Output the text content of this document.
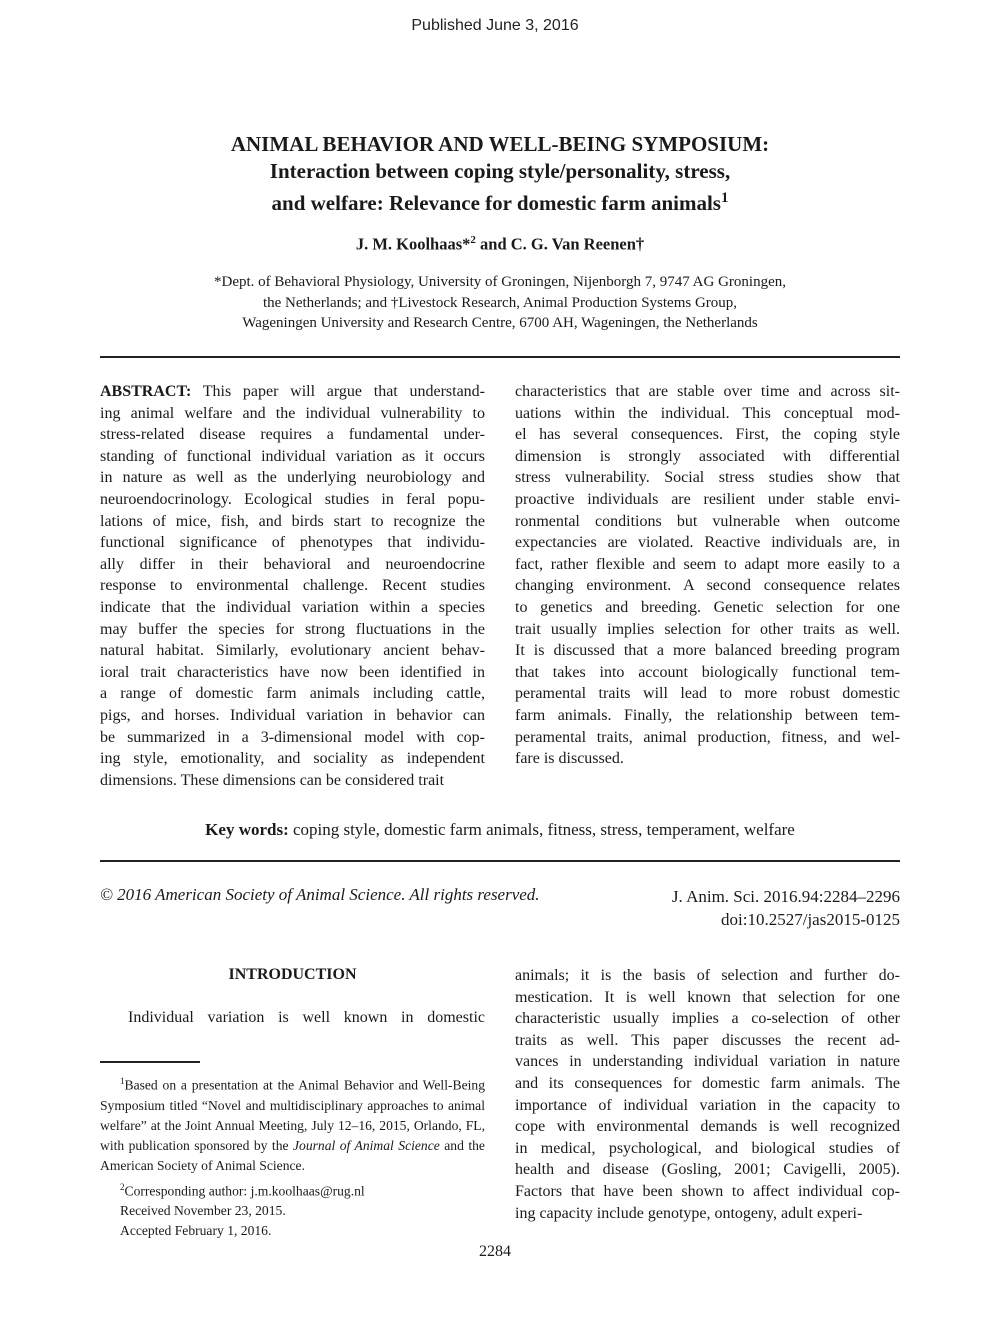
Published June 3, 2016
ANIMAL BEHAVIOR AND WELL-BEING SYMPOSIUM:
Interaction between coping style/personality, stress,
and welfare: Relevance for domestic farm animals$^1$
J. M. Koolhaas*$^2$ and C. G. Van Reenen†
*Dept. of Behavioral Physiology, University of Groningen, Nijenborgh 7, 9747 AG Groningen,
the Netherlands; and †Livestock Research, Animal Production Systems Group,
Wageningen University and Research Centre, 6700 AH, Wageningen, the Netherlands
ABSTRACT: This paper will argue that understand-
ing animal welfare and the individual vulnerability to
stress-related disease requires a fundamental under-
standing of functional individual variation as it occurs
in nature as well as the underlying neurobiology and
neuroendocrinology. Ecological studies in feral popu-
lations of mice, fish, and birds start to recognize the
functional significance of phenotypes that individu-
ally differ in their behavioral and neuroendocrine
response to environmental challenge. Recent studies
indicate that the individual variation within a species
may buffer the species for strong fluctuations in the
natural habitat. Similarly, evolutionary ancient behav-
ioral trait characteristics have now been identified in
a range of domestic farm animals including cattle,
pigs, and horses. Individual variation in behavior can
be summarized in a 3-dimensional model with cop-
ing style, emotionality, and sociality as independent
dimensions. These dimensions can be considered trait
characteristics that are stable over time and across sit-
uations within the individual. This conceptual mod-
el has several consequences. First, the coping style
dimension is strongly associated with differential
stress vulnerability. Social stress studies show that
proactive individuals are resilient under stable envi-
ronmental conditions but vulnerable when outcome
expectancies are violated. Reactive individuals are, in
fact, rather flexible and seem to adapt more easily to a
changing environment. A second consequence relates
to genetics and breeding. Genetic selection for one
trait usually implies selection for other traits as well.
It is discussed that a more balanced breeding program
that takes into account biologically functional tem-
peramental traits will lead to more robust domestic
farm animals. Finally, the relationship between tem-
peramental traits, animal production, fitness, and wel-
fare is discussed.
Key words: coping style, domestic farm animals, fitness, stress, temperament, welfare
© 2016 American Society of Animal Science. All rights reserved.	J. Anim. Sci. 2016.94:2284–2296
doi:10.2527/jas2015-0125
INTRODUCTION
Individual variation is well known in domestic
animals; it is the basis of selection and further do-
mestication. It is well known that selection for one
characteristic usually implies a co-selection of other
traits as well. This paper discusses the recent ad-
vances in understanding individual variation in nature
and its consequences for domestic farm animals. The
importance of individual variation in the capacity to
cope with environmental demands is well recognized
in medical, psychological, and biological studies of
health and disease (Gosling, 2001; Cavigelli, 2005).
Factors that have been shown to affect individual cop-
ing capacity include genotype, ontogeny, adult experi-

$^1$Based on a presentation at the Animal Behavior and Well-Being Symposium titled “Novel and multidisciplinary approaches to animal welfare” at the Joint Annual Meeting, July 12–16, 2015, Orlando, FL, with publication sponsored by the Journal of Animal Science and the American Society of Animal Science.

$^2$Corresponding author: j.m.koolhaas@rug.nl

Received November 23, 2015.

Accepted February 1, 2016.

2284
